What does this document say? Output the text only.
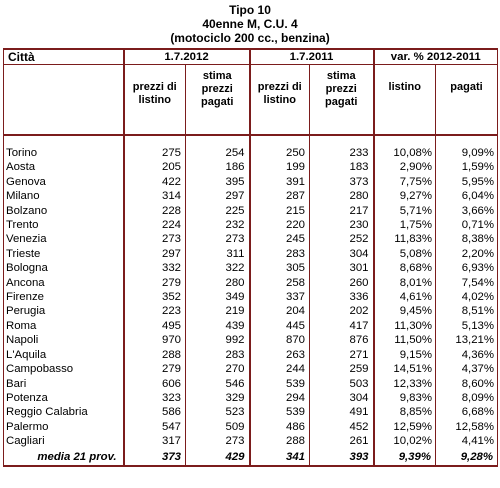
Tipo 10
40enne M, C.U. 4
(motociclo 200 cc., benzina)
Città	1.7.2012		1.7.2011		var. % 2012-2011	
	prezzi di listino	stima prezzi pagati	prezzi di listino	stima prezzi pagati	listino	pagati

Torino	275	254	250	233	10,08%	9,09%
Aosta	205	186	199	183	2,90%	1,59%
Genova	422	395	391	373	7,75%	5,95%
Milano	314	297	287	280	9,27%	6,04%
Bolzano	228	225	215	217	5,71%	3,66%
Trento	224	232	220	230	1,75%	0,71%
Venezia	273	273	245	252	11,83%	8,38%
Trieste	297	311	283	304	5,08%	2,20%
Bologna	332	322	305	301	8,68%	6,93%
Ancona	279	280	258	260	8,01%	7,54%
Firenze	352	349	337	336	4,61%	4,02%
Perugia	223	219	204	202	9,45%	8,51%
Roma	495	439	445	417	11,30%	5,13%
Napoli	970	992	870	876	11,50%	13,21%
L'Aquila	288	283	263	271	9,15%	4,36%
Campobasso	279	270	244	259	14,51%	4,37%
Bari	606	546	539	503	12,33%	8,60%
Potenza	323	329	294	304	9,83%	8,09%
Reggio Calabria	586	523	539	491	8,85%	6,68%
Palermo	547	509	486	452	12,59%	12,58%
Cagliari	317	273	288	261	10,02%	4,41%
media 21 prov.	373	429	341	393	9,39%	9,28%
